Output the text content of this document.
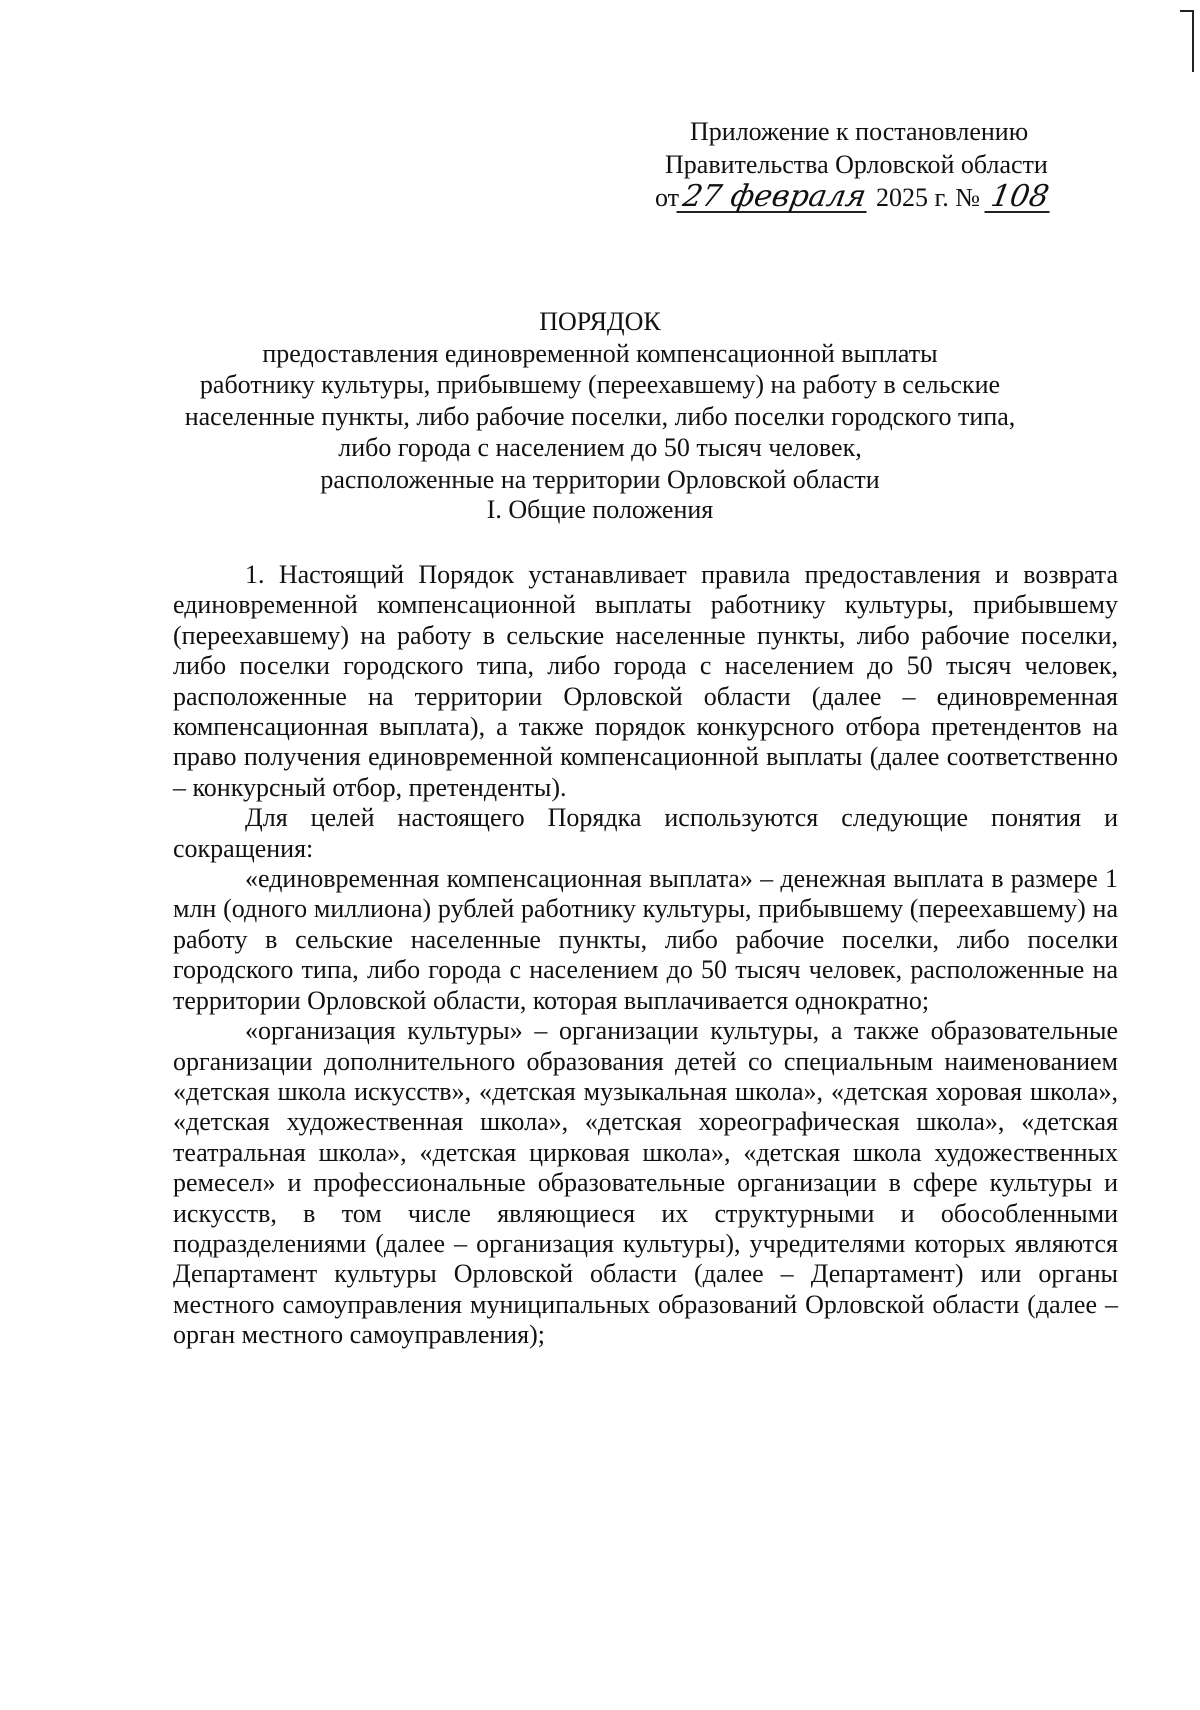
Приложение к постановлению
Правительства Орловской области
от27 февраля 2025 г. № 108
ПОРЯДОК
предоставления единовременной компенсационной выплаты
работнику культуры, прибывшему (переехавшему) на работу в сельские
населенные пункты, либо рабочие поселки, либо поселки городского типа,
либо города с населением до 50 тысяч человек,
расположенные на территории Орловской области
I. Общие положения

1. Настоящий Порядок устанавливает правила предоставления и возврата единовременной компенсационной выплаты работнику культуры, прибывшему (переехавшему) на работу в сельские населенные пункты, либо рабочие поселки, либо поселки городского типа, либо города с населением до 50 тысяч человек, расположенные на территории Орловской области (далее – единовременная компенсационная выплата), а также порядок конкурсного отбора претендентов на право получения единовременной компенсационной выплаты (далее соответственно – конкурсный отбор, претенденты).

Для целей настоящего Порядка используются следующие понятия и сокращения:

«единовременная компенсационная выплата» – денежная выплата в размере 1 млн (одного миллиона) рублей работнику культуры, прибывшему (переехавшему) на работу в сельские населенные пункты, либо рабочие поселки, либо поселки городского типа, либо города с населением до 50 тысяч человек, расположенные на территории Орловской области, которая выплачивается однократно;

«организация культуры» – организации культуры, а также образовательные организации дополнительного образования детей со специальным наименованием «детская школа искусств», «детская музыкальная школа», «детская хоровая школа», «детская художественная школа», «детская хореографическая школа», «детская театральная школа», «детская цирковая школа», «детская школа художественных ремесел» и профессиональные образовательные организации в сфере культуры и искусств, в том числе являющиеся их структурными и обособленными подразделениями (далее – организация культуры), учредителями которых являются Департамент культуры Орловской области (далее – Департамент) или органы местного самоуправления муниципальных образований Орловской области (далее – орган местного самоуправления);
